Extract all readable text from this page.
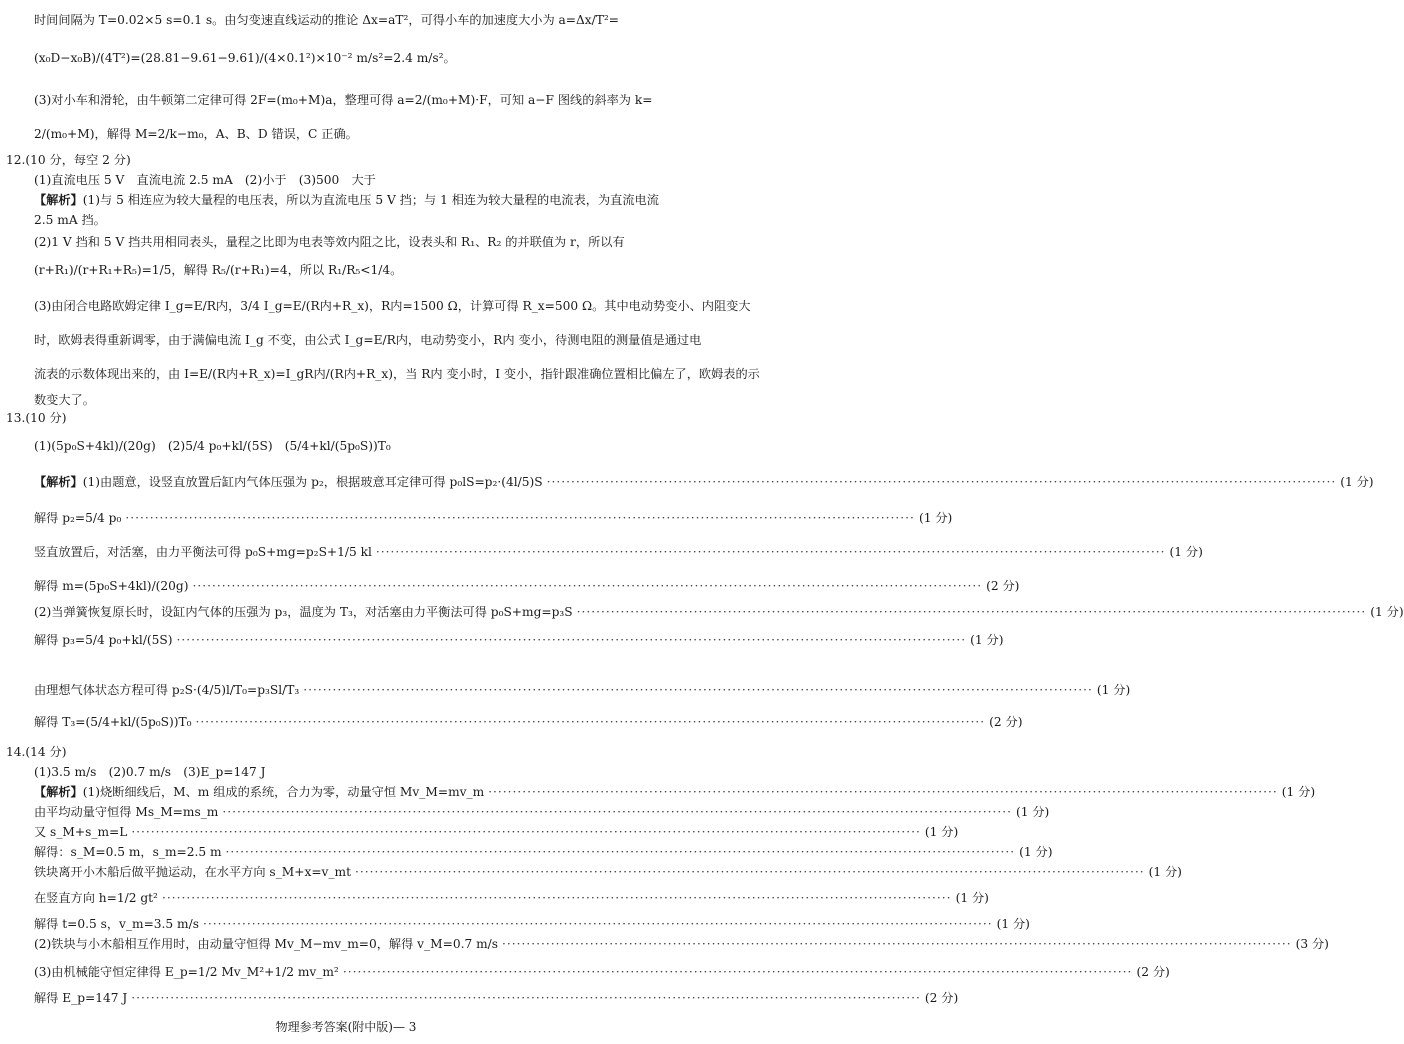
时间间隔为 T=0.02×5 s=0.1 s。由匀变速直线运动的推论 Δx=aT²，可得小车的加速度大小为 a=Δx/T²=
(x₀D−x₀B)/(4T²)=(28.81−9.61−9.61)/(4×0.1²)×10⁻² m/s²=2.4 m/s²。
(3)对小车和滑轮，由牛顿第二定律可得 2F=(m₀+M)a，整理可得 a=2/(m₀+M)·F，可知 a−F 图线的斜率为 k=
2/(m₀+M)，解得 M=2/k−m₀，A、B、D 错误，C 正确。
12.(10 分，每空 2 分)
(1)直流电压 5 V　直流电流 2.5 mA　(2)小于　(3)500　大于
【解析】(1)与 5 相连应为较大量程的电压表，所以为直流电压 5 V 挡；与 1 相连为较大量程的电流表，为直流电流
2.5 mA 挡。
(2)1 V 挡和 5 V 挡共用相同表头，量程之比即为电表等效内阻之比，设表头和 R₁、R₂ 的并联值为 r，所以有
(r+R₁)/(r+R₁+R₅)=1/5，解得 R₅/(r+R₁)=4，所以 R₁/R₅<1/4。
(3)由闭合电路欧姆定律 I_g=E/R内，3/4 I_g=E/(R内+R_x)，R内=1500 Ω，计算可得 R_x=500 Ω。其中电动势变小、内阻变大
时，欧姆表得重新调零，由于满偏电流 I_g 不变，由公式 I_g=E/R内，电动势变小，R内 变小，待测电阻的测量值是通过电
流表的示数体现出来的，由 I=E/(R内+R_x)=I_gR内/(R内+R_x)，当 R内 变小时，I 变小，指针跟准确位置相比偏左了，欧姆表的示
数变大了。
13.(10 分)
(1)(5p₀S+4kl)/(20g)　(2)5/4 p₀+kl/(5S)　(5/4+kl/(5p₀S))T₀
【解析】(1)由题意，设竖直放置后缸内气体压强为 p₂，根据玻意耳定律可得 p₀lS=p₂·(4l/5)S ·····	(1 分)
解得 p₂=5/4 p₀ ·····	(1 分)
竖直放置后，对活塞，由力平衡法可得 p₀S+mg=p₂S+1/5 kl ·····	(1 分)
解得 m=(5p₀S+4kl)/(20g) ·····	(2 分)
(2)当弹簧恢复原长时，设缸内气体的压强为 p₃，温度为 T₃，对活塞由力平衡法可得 p₀S+mg=p₃S ·····	(1 分)
解得 p₃=5/4 p₀+kl/(5S) ·····	(1 分)
由理想气体状态方程可得 p₂S·(4/5)l/T₀=p₃Sl/T₃ ·····	(1 分)
解得 T₃=(5/4+kl/(5p₀S))T₀ ·····	(2 分)
14.(14 分)
(1)3.5 m/s　(2)0.7 m/s　(3)E_p=147 J
【解析】(1)烧断细线后，M、m 组成的系统，合力为零，动量守恒 Mv_M=mv_m ·····	(1 分)
由平均动量守恒得 Ms_M=ms_m ·····	(1 分)
又 s_M+s_m=L ·····	(1 分)
解得：s_M=0.5 m，s_m=2.5 m ·····	(1 分)
铁块离开小木船后做平抛运动，在水平方向 s_M+x=v_mt ·····	(1 分)
在竖直方向 h=1/2 gt² ·····	(1 分)
解得 t=0.5 s，v_m=3.5 m/s ·····	(1 分)
(2)铁块与小木船相互作用时，由动量守恒得 Mv_M−mv_m=0，解得 v_M=0.7 m/s ·····	(3 分)
(3)由机械能守恒定律得 E_p=1/2 Mv_M²+1/2 mv_m² ·····	(2 分)
解得 E_p=147 J ·····	(2 分)
物理参考答案(附中版)— 3
